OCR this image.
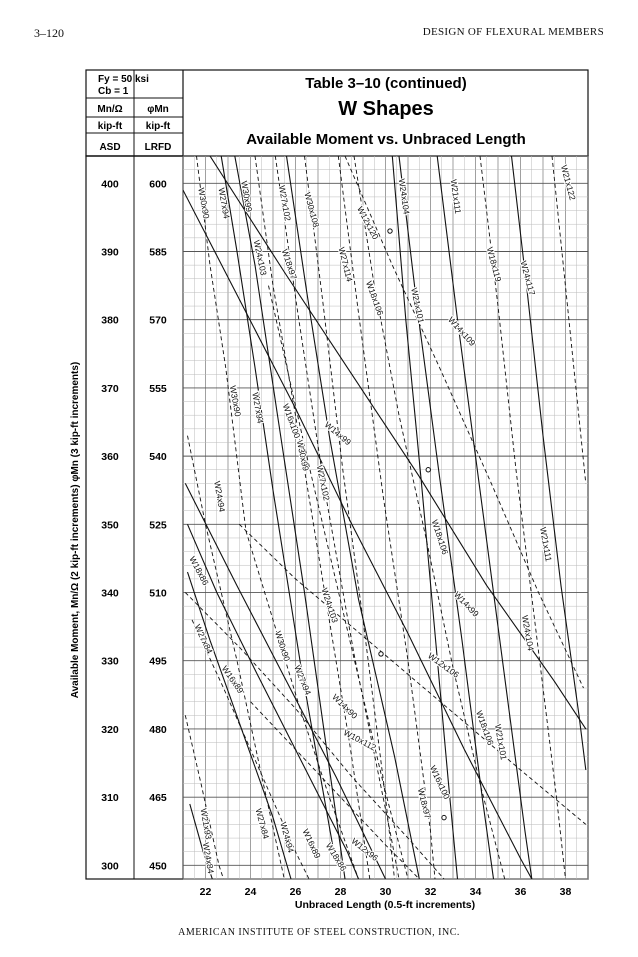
3–120	DESIGN OF FLEXURAL MEMBERS
Fy = 50 ksi
Cb = 1
Mn/Ω φMn
kip-ft kip-ft
ASD LRFD
Table 3–10 (continued)
W Shapes
Available Moment vs. Unbraced Length
W30x90 W27x94 W30x99	W27x102 W30x108	W12x120
W24x104	W21x111	W21x122
W24x103 W18x97	W27x114
W18x106	W21x101
W18x119 W24x117
W14x109
W30x90 W27x94 W16x100 W14x99
W30x99
W27x102
W24x94
W18x106	W21x111
W18x86
W24x103	W14x99
W27x84	W30x90	W24x104
W16x89	W27x94	W12x106
W14x90
W18x106
W21x101
W10x112
W16x100
W18x97
W21x93	W27x84 W24x94 W16x89 W18x86 W12x96
W24x84
22	24	26	28	30	32	34	36	38
300	450
310	465
320	480
330	495
340	510
350	525
360	540
370	555
380	570
390	585
400	600
Unbraced Length (0.5-ft increments)
Available Moment, Mn/Ω (2 kip-ft increments) φMn (3 kip-ft increments)
AMERICAN INSTITUTE OF STEEL CONSTRUCTION, INC.
